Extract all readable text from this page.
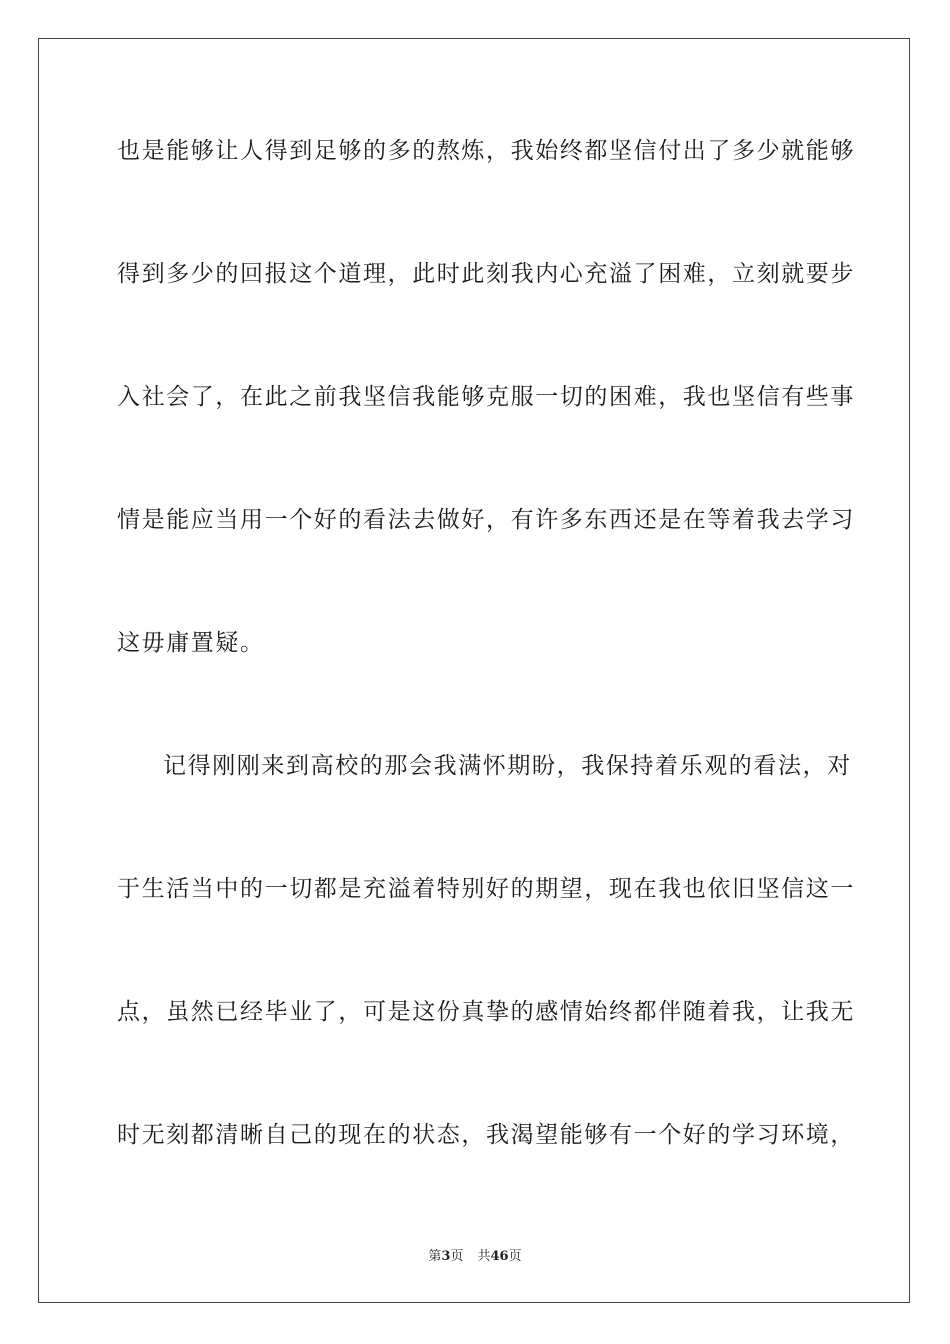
也是能够让人得到足够的多的熬炼，我始终都坚信付出了多少就能够
得到多少的回报这个道理，此时此刻我内心充溢了困难，立刻就要步
入社会了，在此之前我坚信我能够克服一切的困难，我也坚信有些事
情是能应当用一个好的看法去做好，有许多东西还是在等着我去学习
这毋庸置疑。
记得刚刚来到高校的那会我满怀期盼，我保持着乐观的看法，对
于生活当中的一切都是充溢着特别好的期望，现在我也依旧坚信这一
点，虽然已经毕业了，可是这份真挚的感情始终都伴随着我，让我无
时无刻都清晰自己的现在的状态，我渴望能够有一个好的学习环境，
第3页 共46页
